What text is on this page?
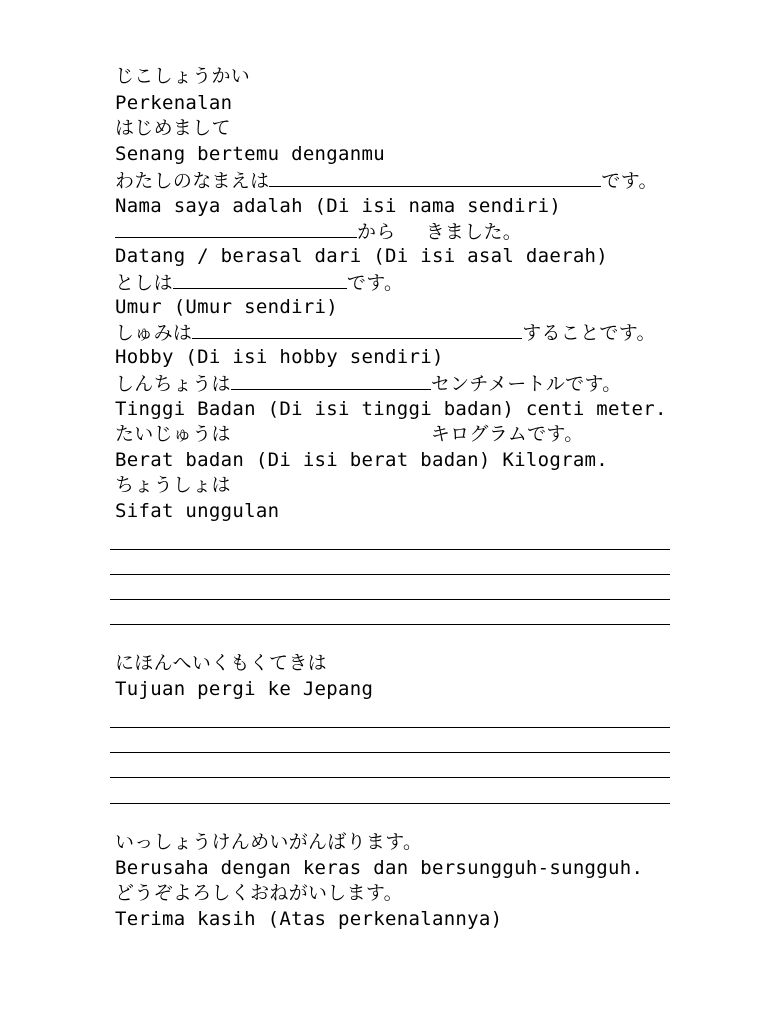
じこしょうかい
Perkenalan
はじめまして
Senang bertemu denganmu
わたしのなまえは	です。
Nama saya adalah (Di isi nama sendiri)
から きました。
Datang / berasal dari (Di isi asal daerah)
としは	です。
Umur (Umur sendiri)
しゅみは	することです。
Hobby (Di isi hobby sendiri)
しんちょうは	センチメートルです。
Tinggi Badan (Di isi tinggi badan) centi meter.
たいじゅうは	キログラムです。
Berat badan (Di isi berat badan) Kilogram.
ちょうしょは
Sifat unggulan
にほんへいくもくてきは
Tujuan pergi ke Jepang
いっしょうけんめいがんばります。
Berusaha dengan keras dan bersungguh-sungguh.
どうぞよろしくおねがいします。
Terima kasih (Atas perkenalannya)
